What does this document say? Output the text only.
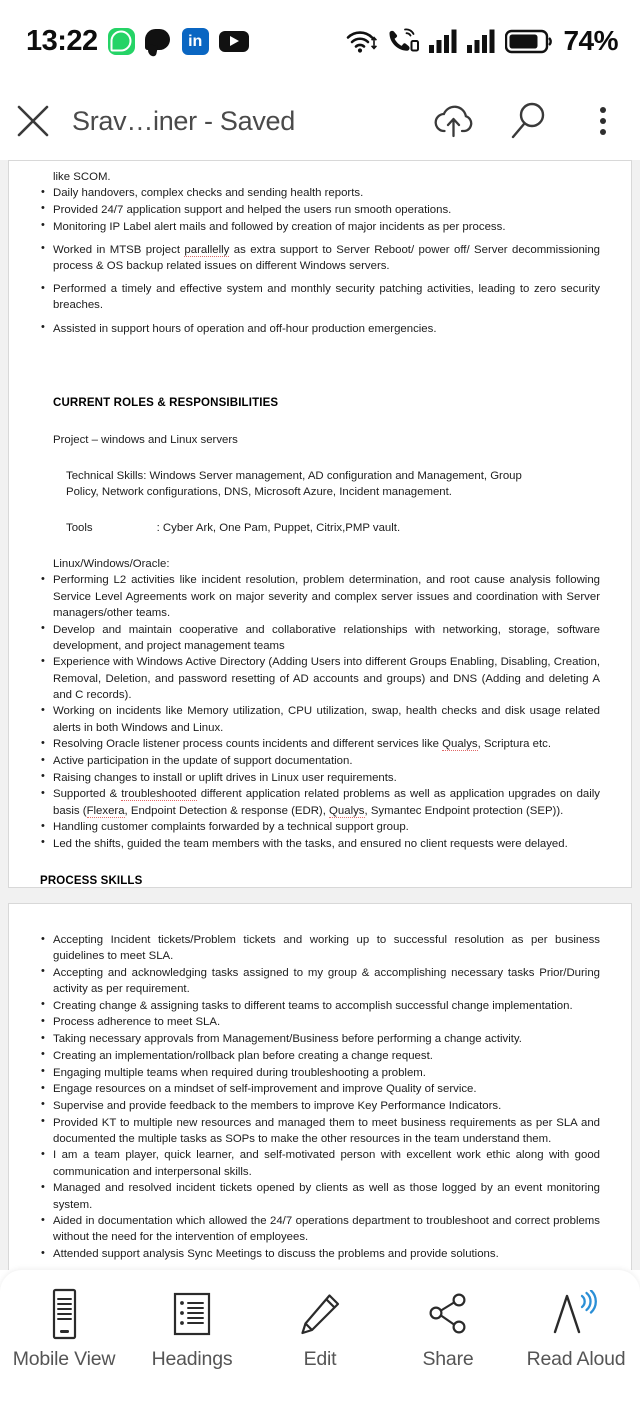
13:22	in	74%
Srav…iner - Saved

like SCOM.

• Daily handovers, complex checks and sending health reports.
• Provided 24/7 application support and helped the users run smooth operations.
• Monitoring IP Label alert mails and followed by creation of major incidents as per process.
• Worked in MTSB project parallelly as extra support to Server Reboot/ power off/ Server decommissioning process & OS backup related issues on different Windows servers.
• Performed a timely and effective system and monthly security patching activities, leading to zero security breaches.
• Assisted in support hours of operation and off-hour production emergencies.

CURRENT ROLES & RESPONSIBILITIES

Project – windows and Linux servers

Technical Skills: Windows Server management, AD configuration and Management, Group

Policy, Network configurations, DNS, Microsoft Azure, Incident management.

Tools	: Cyber Ark, One Pam, Puppet, Citrix,PMP vault.

Linux/Windows/Oracle:

• Performing L2 activities like incident resolution, problem determination, and root cause analysis following Service Level Agreements work on major severity and complex server issues and coordination with Server managers/other teams.
• Develop and maintain cooperative and collaborative relationships with networking, storage, software development, and project management teams
• Experience with Windows Active Directory (Adding Users into different Groups Enabling, Disabling, Creation, Removal, Deletion, and password resetting of AD accounts and groups) and DNS (Adding and deleting A and C records).
• Working on incidents like Memory utilization, CPU utilization, swap, health checks and disk usage related alerts in both Windows and Linux.
• Resolving Oracle listener process counts incidents and different services like Qualys, Scriptura etc.
• Active participation in the update of support documentation.
• Raising changes to install or uplift drives in Linux user requirements.
• Supported & troubleshooted different application related problems as well as application upgrades on daily basis (Flexera, Endpoint Detection & response (EDR), Qualys, Symantec Endpoint protection (SEP)).
• Handling customer complaints forwarded by a technical support group.
• Led the shifts, guided the team members with the tasks, and ensured no client requests were delayed.

PROCESS SKILLS

• Accepting Incident tickets/Problem tickets and working up to successful resolution as per business guidelines to meet SLA.
• Accepting and acknowledging tasks assigned to my group & accomplishing necessary tasks Prior/During activity as per requirement.
• Creating change & assigning tasks to different teams to accomplish successful change implementation.
• Process adherence to meet SLA.
• Taking necessary approvals from Management/Business before performing a change activity.
• Creating an implementation/rollback plan before creating a change request.
• Engaging multiple teams when required during troubleshooting a problem.
• Engage resources on a mindset of self-improvement and improve Quality of service.
• Supervise and provide feedback to the members to improve Key Performance Indicators.
• Provided KT to multiple new resources and managed them to meet business requirements as per SLA and documented the multiple tasks as SOPs to make the other resources in the team understand them.
• I am a team player, quick learner, and self-motivated person with excellent work ethic along with good communication and interpersonal skills.
• Managed and resolved incident tickets opened by clients as well as those logged by an event monitoring system.
• Aided in documentation which allowed the 24/7 operations department to troubleshoot and correct problems without the need for the intervention of employees.
• Attended support analysis Sync Meetings to discuss the problems and provide solutions.
Mobile View Headings	Edit	Share	Read Aloud
